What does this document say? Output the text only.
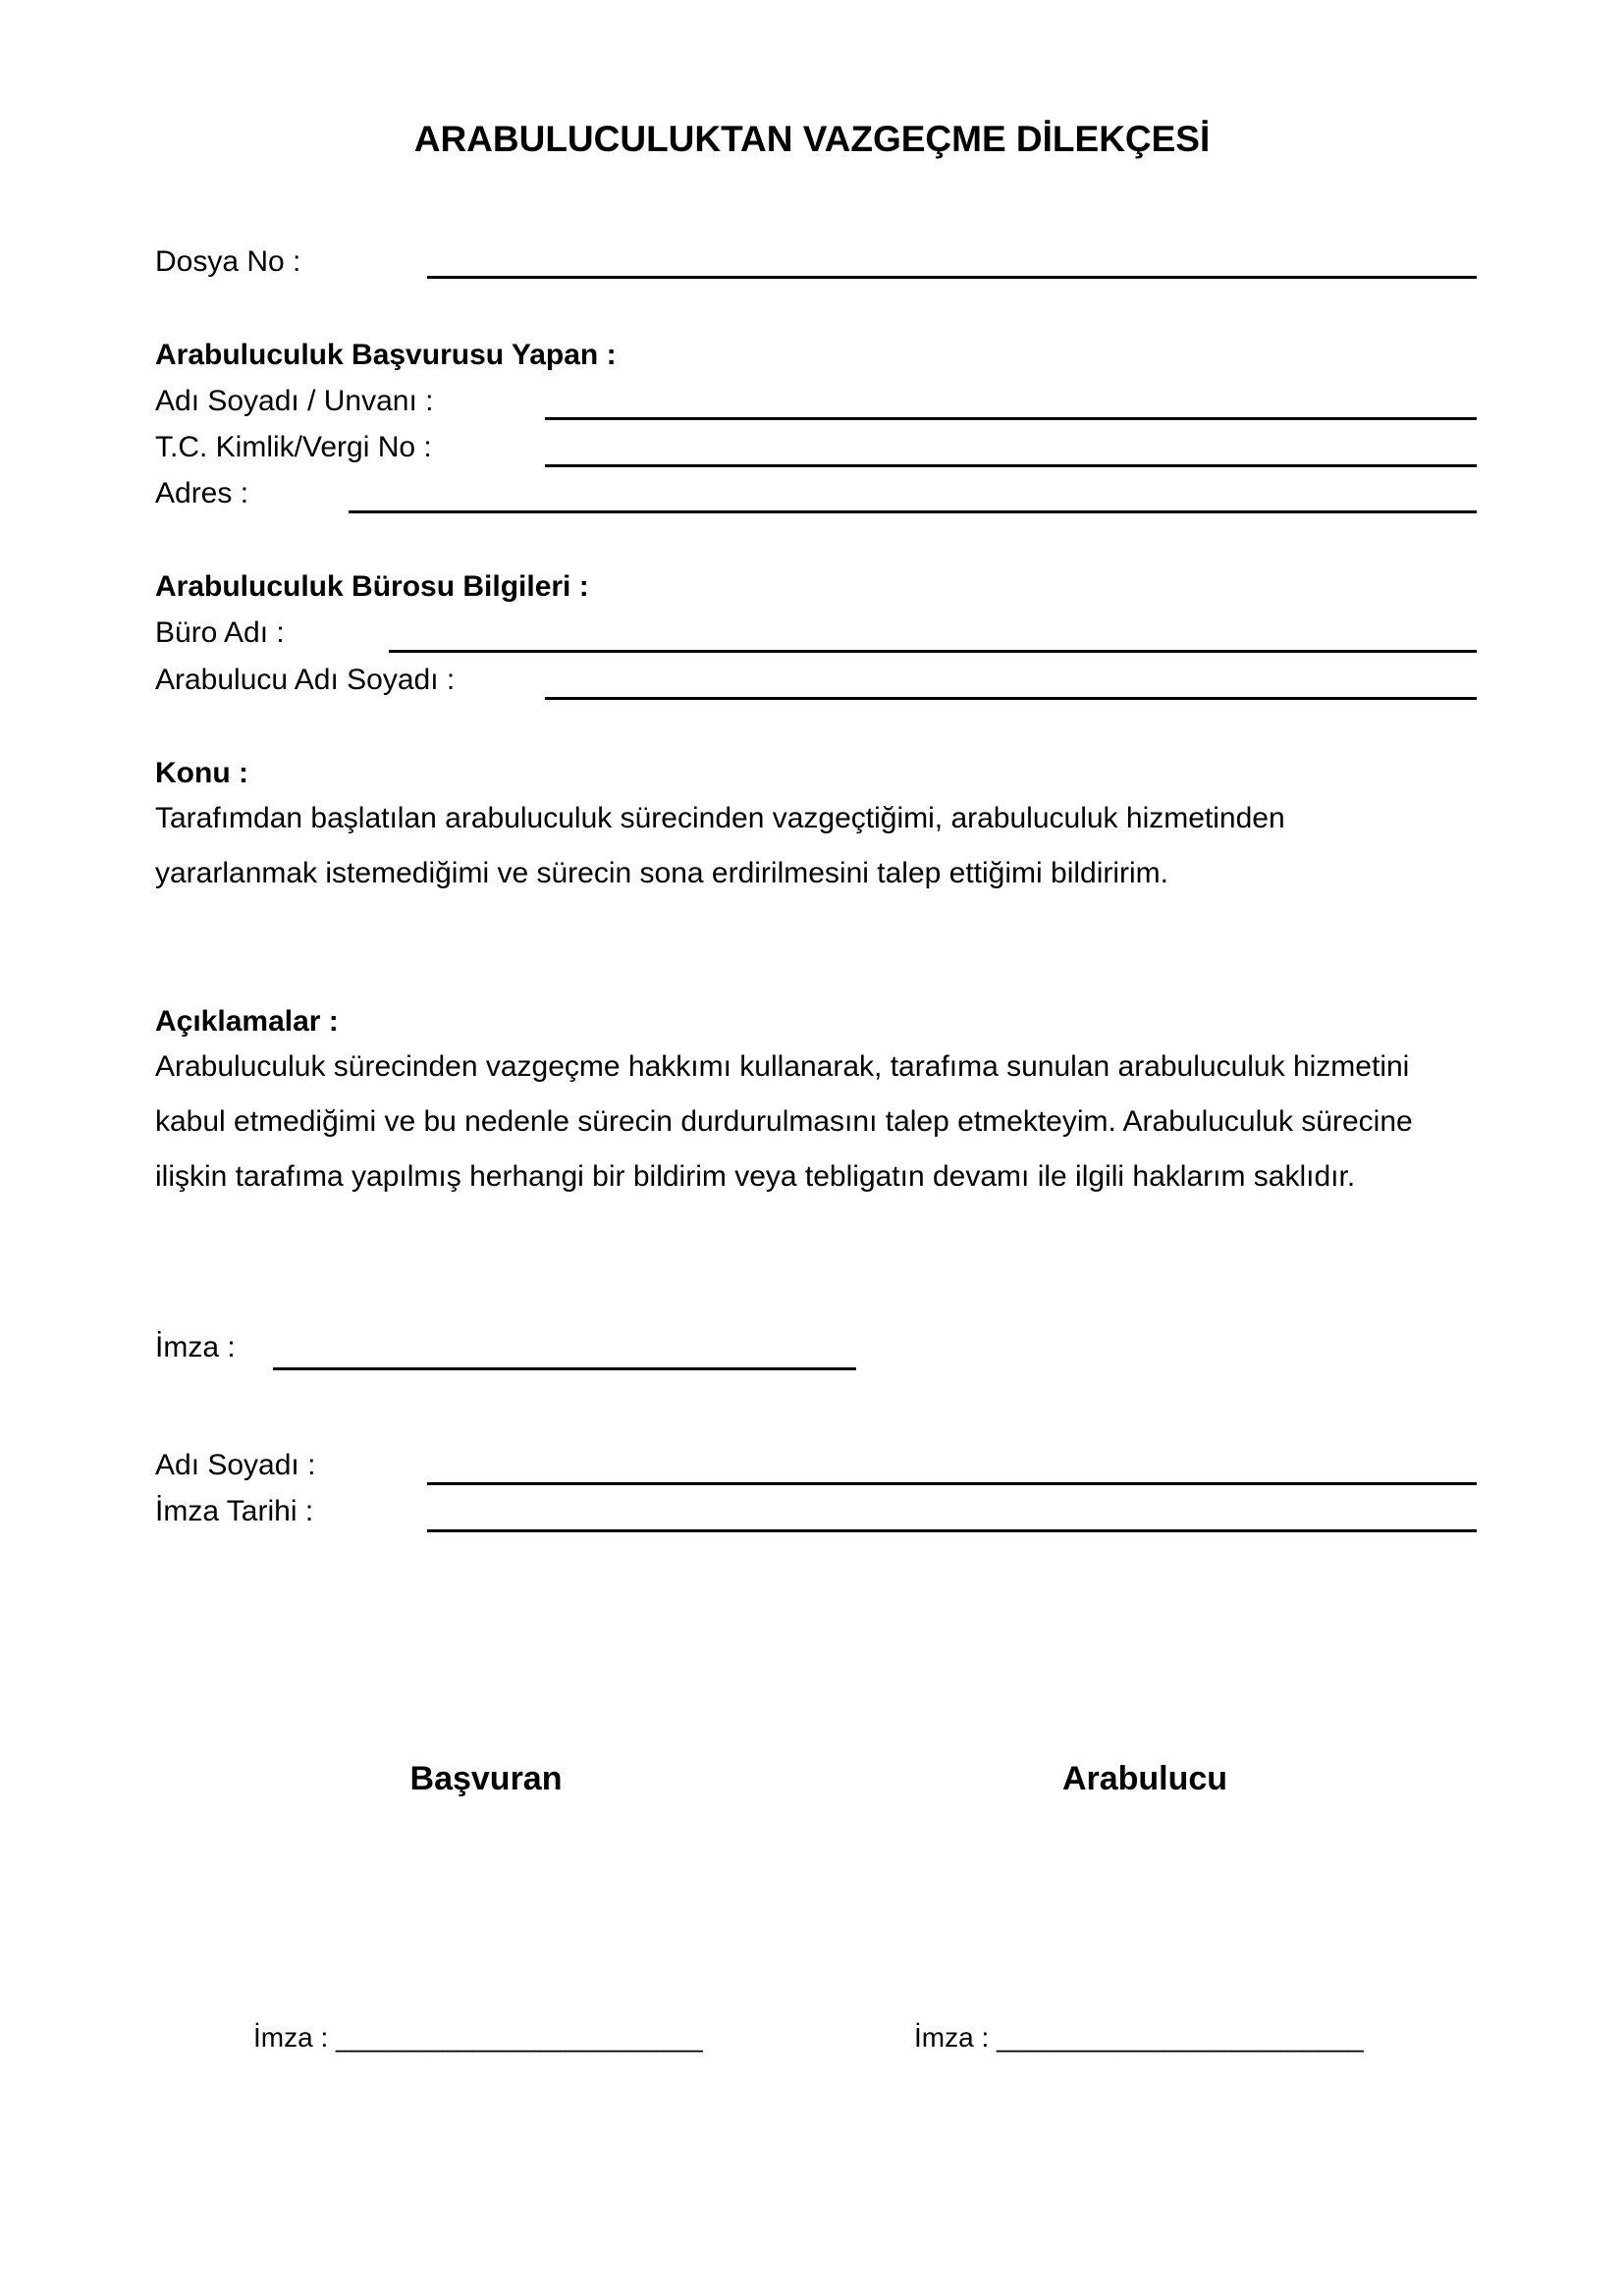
ARABULUCULUKTAN VAZGEÇME DİLEKÇESİ
Dosya No :
Arabuluculuk Başvurusu Yapan :
Adı Soyadı / Unvanı :
T.C. Kimlik/Vergi No :
Adres :
Arabuluculuk Bürosu Bilgileri :
Büro Adı :
Arabulucu Adı Soyadı :
Konu :
Tarafımdan başlatılan arabuluculuk sürecinden vazgeçtiğimi, arabuluculuk hizmetinden
yararlanmak istemediğimi ve sürecin sona erdirilmesini talep ettiğimi bildiririm.
Açıklamalar :
Arabuluculuk sürecinden vazgeçme hakkımı kullanarak, tarafıma sunulan arabuluculuk hizmetini
kabul etmediğimi ve bu nedenle sürecin durdurulmasını talep etmekteyim. Arabuluculuk sürecine
ilişkin tarafıma yapılmış herhangi bir bildirim veya tebligatın devamı ile ilgili haklarım saklıdır.
İmza :
Adı Soyadı :
İmza Tarihi :
Başvuran	Arabulucu
İmza : ________________________	İmza : ________________________
